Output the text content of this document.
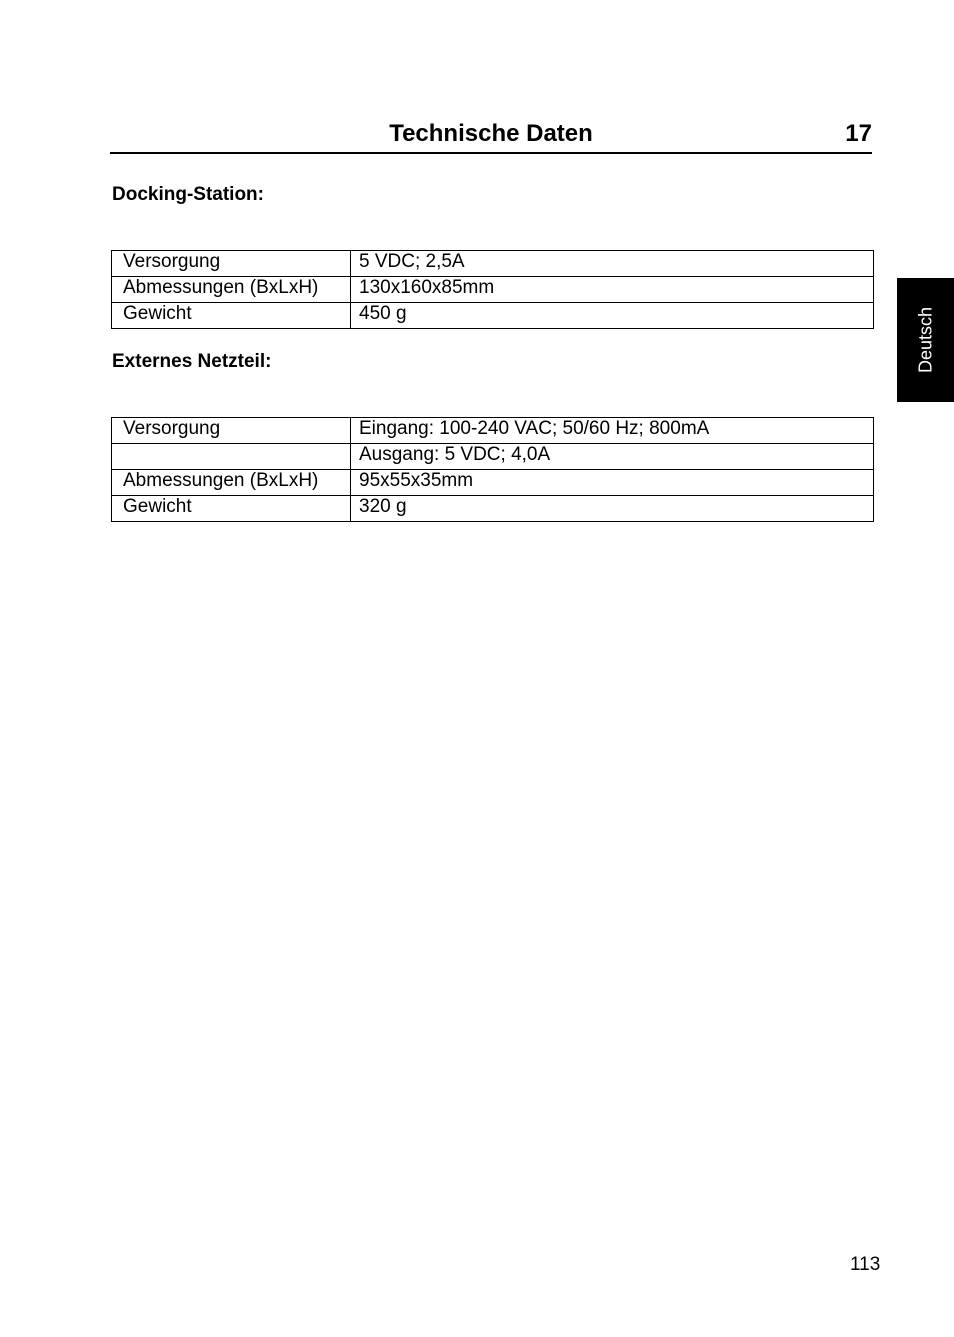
Technische Daten	17
Docking-Station:
Versorgung	5 VDC; 2,5A
Abmessungen (BxLxH)	130x160x85mm
Gewicht	450 g
Externes Netzteil:
Versorgung	Eingang: 100-240 VAC; 50/60 Hz; 800mA
	Ausgang: 5 VDC; 4,0A
Abmessungen (BxLxH)	95x55x35mm
Gewicht	320 g
Deutsch
113
